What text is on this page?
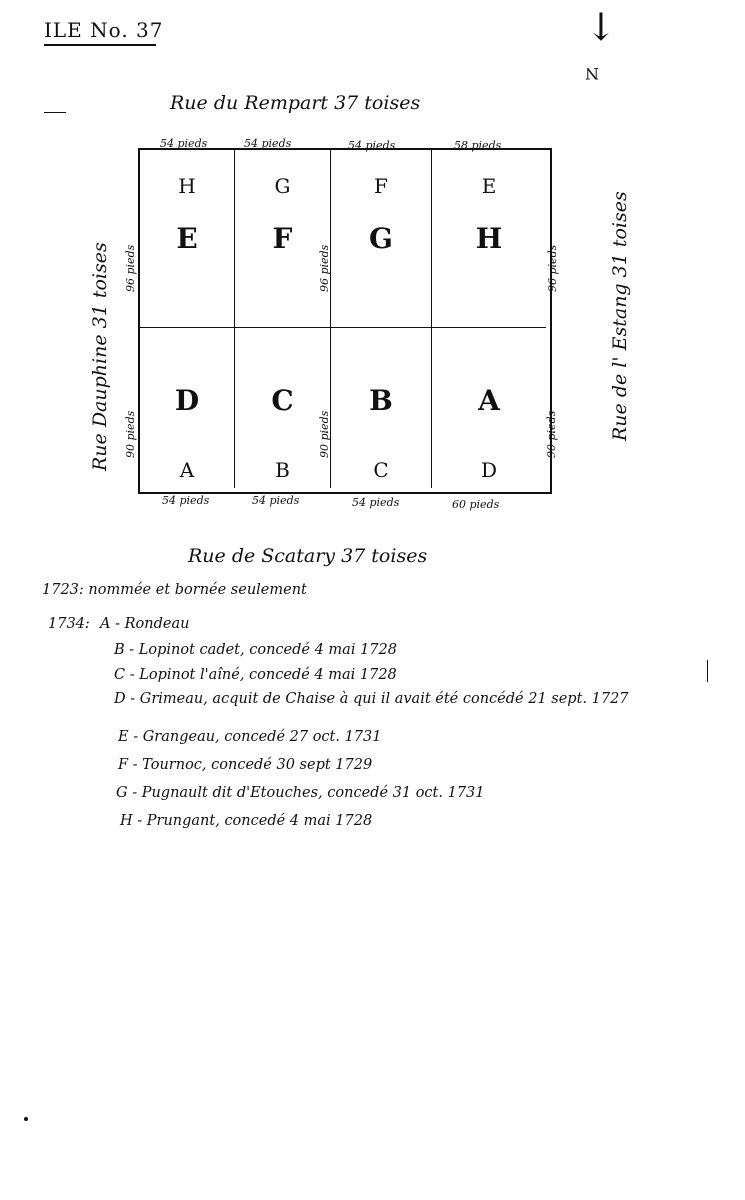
ILE No. 37	↓
N
Rue du Rempart 37 toises
Rue de Scatary 37 toises
Rue Dauphine 31 toises	Rue de l' Estang 31 toises
54 pieds	54 pieds	54 pieds	58 pieds
H
E
G
F
F
G
E
H
D
A
C
B
B
C
A
D
96 pieds	96 pieds	96 pieds
90 pieds	90 pieds	90 pieds
54 pieds	54 pieds	54 pieds	60 pieds
1723: nommée et bornée seulement
1734: A - Rondeau
B - Lopinot cadet, concedé 4 mai 1728
C - Lopinot l'aîné, concedé 4 mai 1728
D - Grimeau, acquit de Chaise à qui il avait été concédé 21 sept. 1727
E - Grangeau, concedé 27 oct. 1731
F - Tournoc, concedé 30 sept 1729
G - Pugnault dit d'Etouches, concedé 31 oct. 1731
H - Prungant, concedé 4 mai 1728
